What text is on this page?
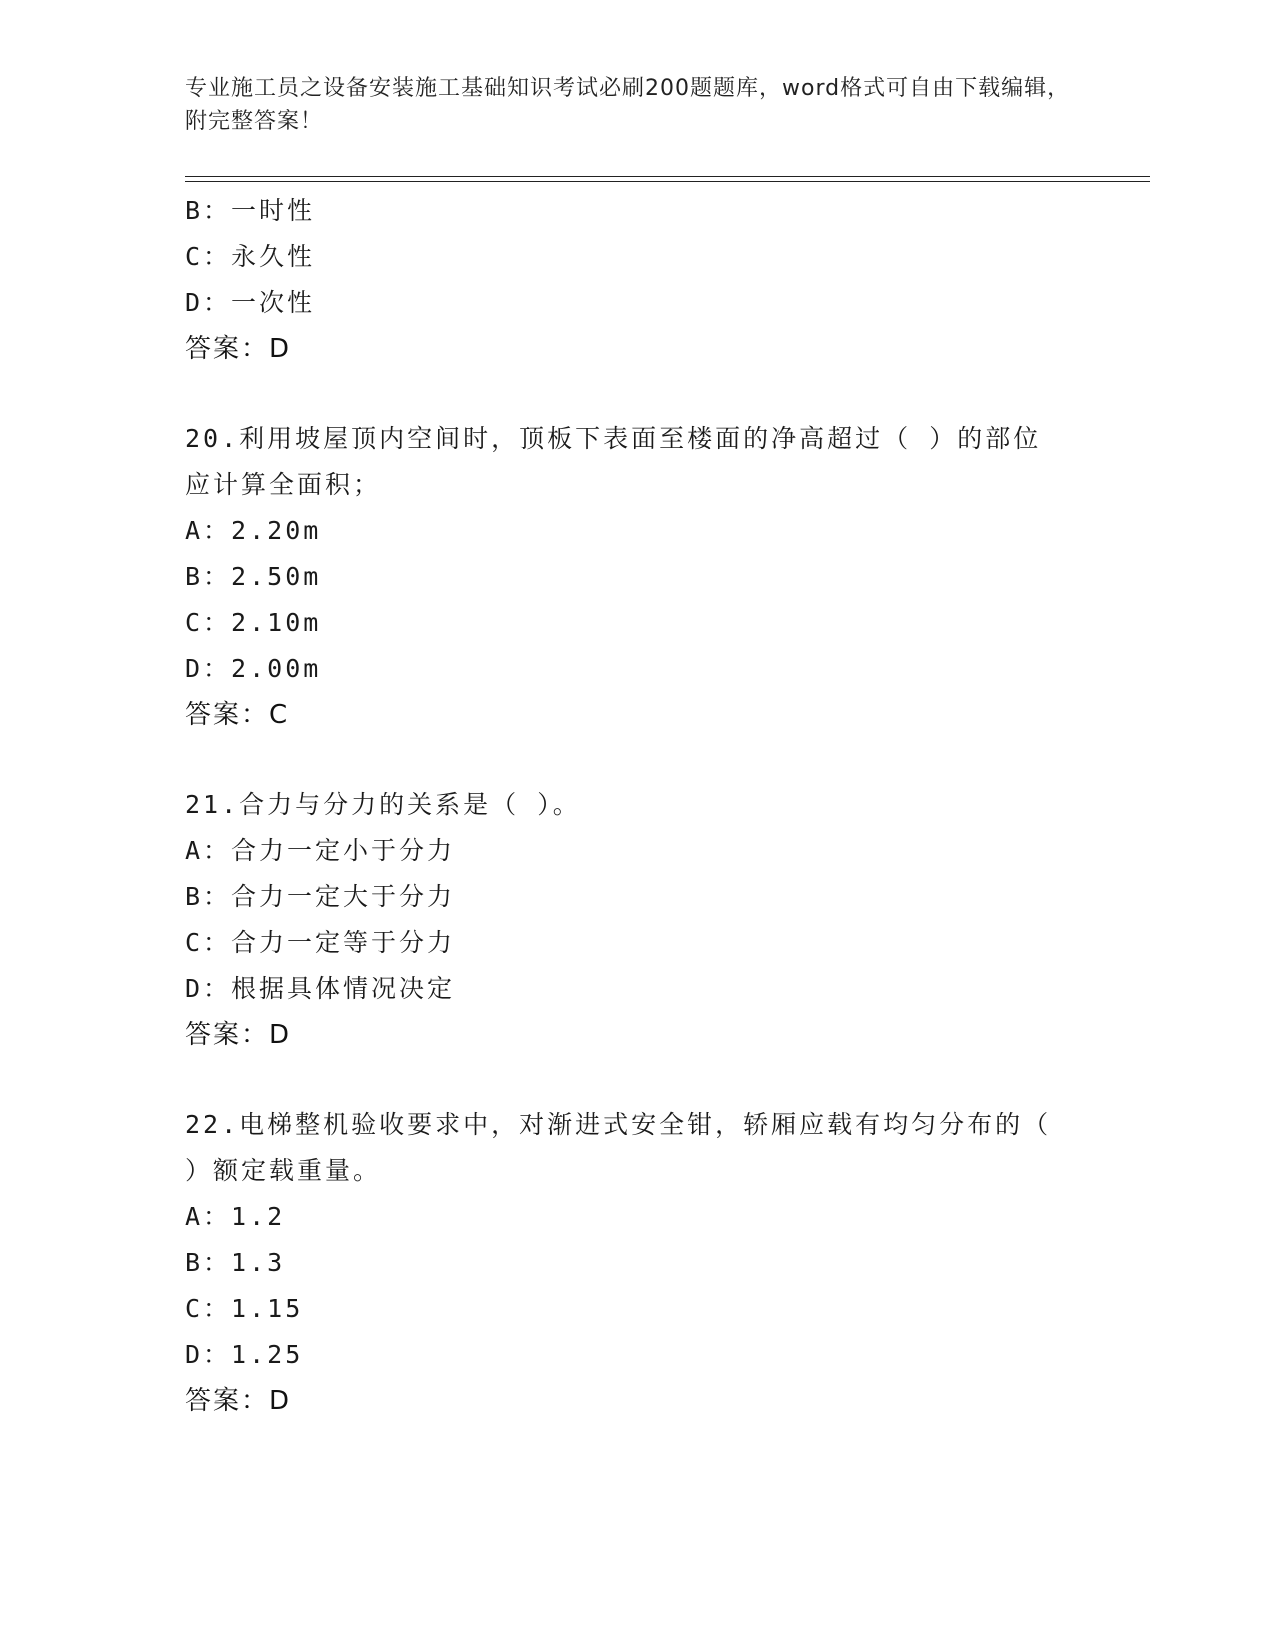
专业施工员之设备安装施工基础知识考试必刷200题题库，word格式可自由下载编辑，附完整答案！
B：一时性
C：永久性
D：一次性
答案：D
20.利用坡屋顶内空间时，顶板下表面至楼面的净高超过（ ）的部位应计算全面积；
A：2.20m
B：2.50m
C：2.10m
D：2.00m
答案：C
21.合力与分力的关系是（ ）。
A：合力一定小于分力
B：合力一定大于分力
C：合力一定等于分力
D：根据具体情况决定
答案：D
22.电梯整机验收要求中，对渐进式安全钳，轿厢应载有均匀分布的（ ）额定载重量。
A：1.2
B：1.3
C：1.15
D：1.25
答案：D
